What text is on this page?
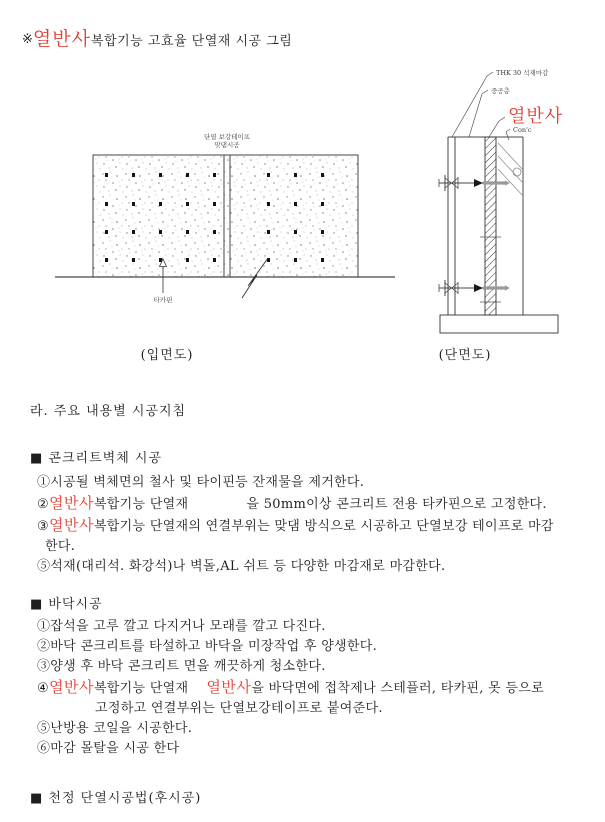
※열반사복합기능 고효율 단열재 시공 그림
단열 보강테이프
맞댐시공
타카핀
THK 30 석재마감
중공층
열반사
Con'c
(입면도)	(단면도)
라. 주요 내용별 시공지침
■ 콘크리트벽체 시공
①시공될 벽체면의 철사 및 타이핀등 잔재물을 제거한다.
②열반사복합기능 단열재	을 50mm이상 콘크리트 전용 타카핀으로 고정한다.
③열반사복합기능 단열재의 연결부위는 맞댐 방식으로 시공하고 단열보강 테이프로 마감
한다.
⑤석재(대리석. 화강석)나 벽돌,AL 쉬트 등 다양한 마감재로 마감한다.
■ 바닥시공
①잡석을 고루 깔고 다지거나 모래를 깔고 다진다.
②바닥 콘크리트를 타설하고 바닥을 미장작업 후 양생한다.
③양생 후 바닥 콘크리트 면을 깨끗하게 청소한다.
④열반사복합기능 단열재 열반사을 바닥면에 접착제나 스테플러, 타카핀, 못 등으로
고정하고 연결부위는 단열보강테이프로 붙여준다.
⑤난방용 코일을 시공한다.
⑥마감 몰탈을 시공 한다
■ 천정 단열시공법(후시공)
